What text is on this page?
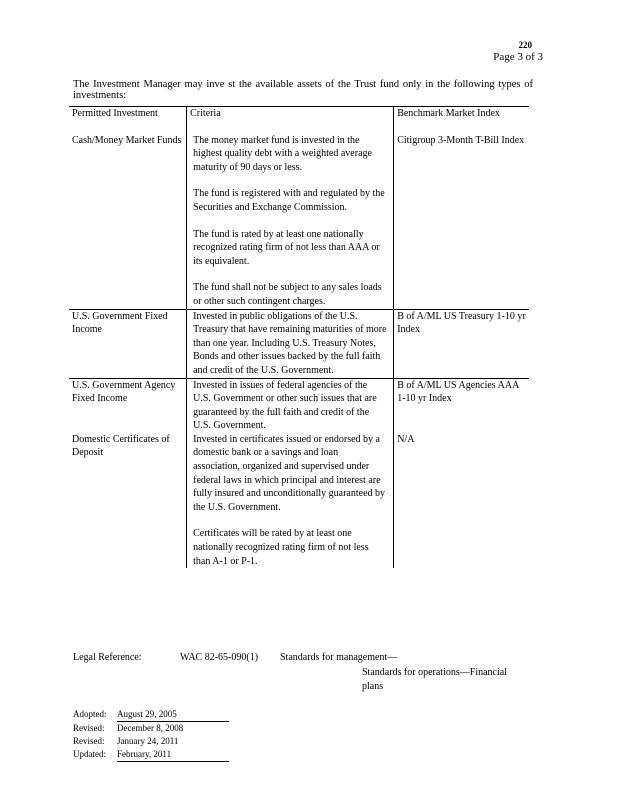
220
Page 3 of 3
The Investment Manager may inve st the available assets of the Trust fund only in the following types of investments:
Permitted Investment	Criteria	Benchmark Market Index
Cash/Money Market Funds	The money market fund is invested in the highest quality debt with a weighted average maturity of 90 days or less.

The fund is registered with and regulated by the Securities and Exchange Commission.

The fund is rated by at least one nationally recognized rating firm of not less than AAA or its equivalent.

The fund shall not be subject to any sales loads or other such contingent charges.	Citigroup 3-Month T-Bill Index
U.S. Government Fixed Income	Invested in public obligations of the U.S. Treasury that have remaining maturities of more than one year. Including U.S. Treasury Notes, Bonds and other issues backed by the full faith and credit of the U.S. Government.	B of A/ML US Treasury 1-10 yr Index
U.S. Government Agency Fixed Income	Invested in issues of federal agencies of the U.S. Government or other such issues that are guaranteed by the full faith and credit of the U.S. Government.	B of A/ML US Agencies AAA 1-10 yr Index
Domestic Certificates of Deposit	Invested in certificates issued or endorsed by a domestic bank or a savings and loan association, organized and supervised under federal laws in which principal and interest are fully insured and unconditionally guaranteed by the U.S. Government.

Certificates will be rated by at least one nationally recognized rating firm of not less than A-1 or P-1.	N/A
Legal Reference:	WAC 82-65-090(1) Standards for management—
Standards for operations—Financial plans
Adopted:	August 29, 2005
Revised:	December 8, 2008
Revised:	January 24, 2011
Updated:	February, 2011
